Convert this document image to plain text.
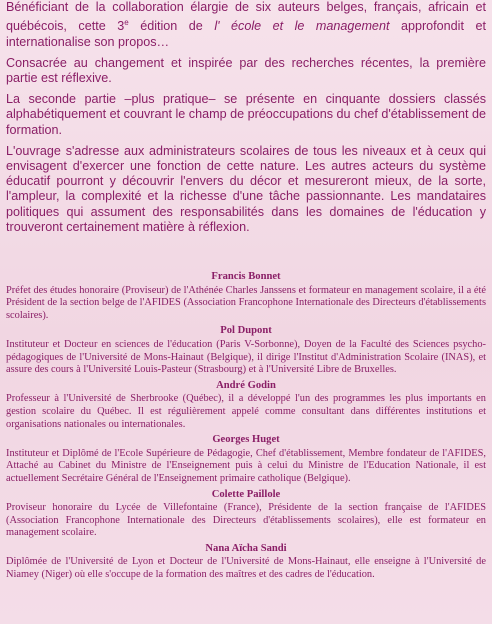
Bénéficiant de la collaboration élargie de six auteurs belges, français, africain et québécois, cette 3e édition de l' école et le management approfondit et internationalise son propos…

Consacrée au changement et inspirée par des recherches récentes, la première partie est réflexive.

La seconde partie –plus pratique– se présente en cinquante dossiers classés alphabétiquement et couvrant le champ de préoccupations du chef d'établissement de formation.

L'ouvrage s'adresse aux administrateurs scolaires de tous les niveaux et à ceux qui envisagent d'exercer une fonction de cette nature. Les autres acteurs du système éducatif pourront y découvrir l'envers du décor et mesureront mieux, de la sorte, l'ampleur, la complexité et la richesse d'une tâche passionnante. Les mandataires politiques qui assument des responsabilités dans les domaines de l'éducation y trouveront certainement matière à réflexion.

Francis Bonnet

Préfet des études honoraire (Proviseur) de l'Athénée Charles Janssens et formateur en management scolaire, il a été Président de la section belge de l'AFIDES (Association Francophone Internationale des Directeurs d'établissements scolaires).

Pol Dupont

Instituteur et Docteur en sciences de l'éducation (Paris V-Sorbonne), Doyen de la Faculté des Sciences psycho-pédagogiques de l'Université de Mons-Hainaut (Belgique), il dirige l'Institut d'Administration Scolaire (INAS), et assure des cours à l'Université Louis-Pasteur (Strasbourg) et à l'Université Libre de Bruxelles.

André Godin

Professeur à l'Université de Sherbrooke (Québec), il a développé l'un des programmes les plus importants en gestion scolaire du Québec. Il est régulièrement appelé comme consultant dans différentes institutions et organisations nationales ou internationales.

Georges Huget

Instituteur et Diplômé de l'Ecole Supérieure de Pédagogie, Chef d'établissement, Membre fondateur de l'AFIDES, Attaché au Cabinet du Ministre de l'Enseignement puis à celui du Ministre de l'Education Nationale, il est actuellement Secrétaire Général de l'Enseignement primaire catholique (Belgique).

Colette Paillole

Proviseur honoraire du Lycée de Villefontaine (France), Présidente de la section française de l'AFIDES (Association Francophone Internationale des Directeurs d'établissements scolaires), elle est formateur en management scolaire.

Nana Aïcha Sandi

Diplômée de l'Université de Lyon et Docteur de l'Université de Mons-Hainaut, elle enseigne à l'Université de Niamey (Niger) où elle s'occupe de la formation des maîtres et des cadres de l'éducation.
